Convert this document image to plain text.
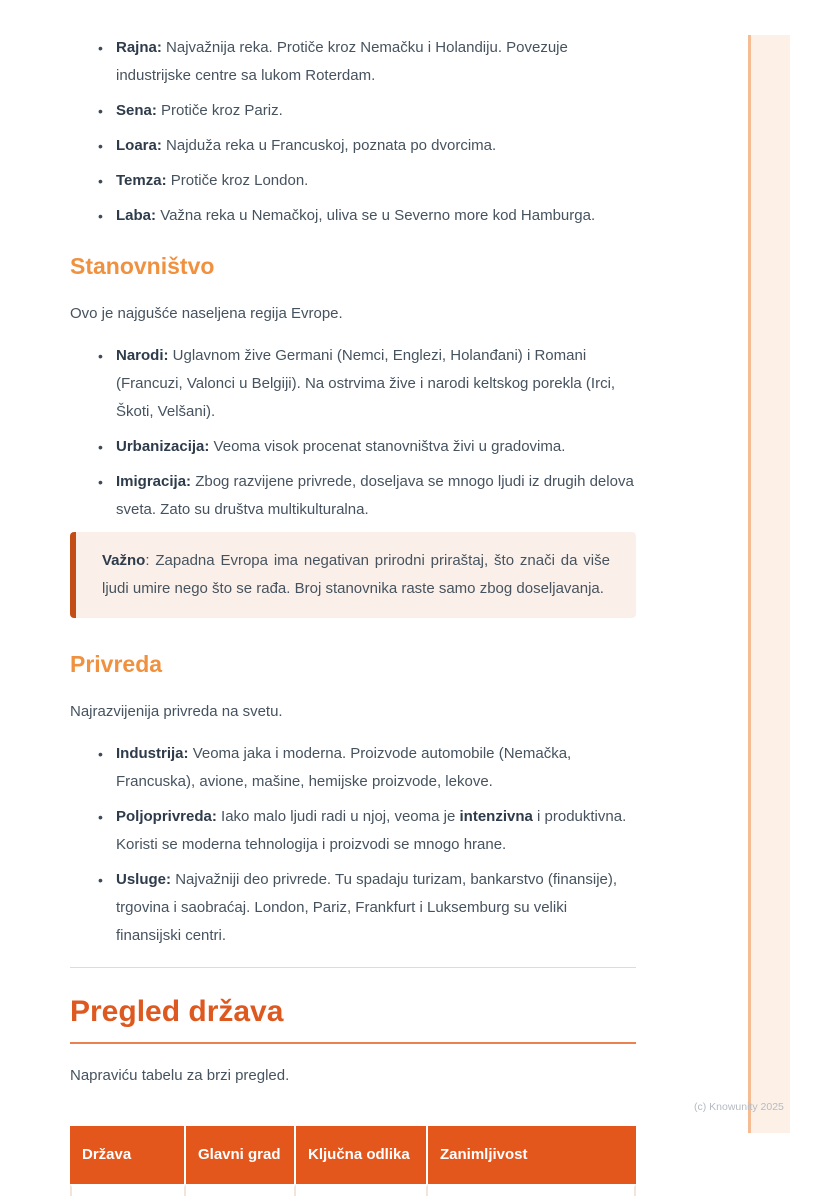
(c) Knowunity 2025
• Rajna: Najvažnija reka. Protiče kroz Nemačku i Holandiju. Povezuje industrijske centre sa lukom Roterdam.
• Sena: Protiče kroz Pariz.
• Loara: Najduža reka u Francuskoj, poznata po dvorcima.
• Temza: Protiče kroz London.
• Laba: Važna reka u Nemačkoj, uliva se u Severno more kod Hamburga.
Stanovništvo

Ovo je najgušće naseljena regija Evrope.

• Narodi: Uglavnom žive Germani (Nemci, Englezi, Holanđani) i Romani (Francuzi, Valonci u Belgiji). Na ostrvima žive i narodi keltskog porekla (Irci, Škoti, Velšani).
• Urbanizacija: Veoma visok procenat stanovništva živi u gradovima.
• Imigracija: Zbog razvijene privrede, doseljava se mnogo ljudi iz drugih delova sveta. Zato su društva multikulturalna.
Važno: Zapadna Evropa ima negativan prirodni priraštaj, što znači da više ljudi umire nego što se rađa. Broj stanovnika raste samo zbog doseljavanja.
Privreda

Najrazvijenija privreda na svetu.

• Industrija: Veoma jaka i moderna. Proizvode automobile (Nemačka, Francuska), avione, mašine, hemijske proizvode, lekove.
• Poljoprivreda: Iako malo ljudi radi u njoj, veoma je intenzivna i produktivna. Koristi se moderna tehnologija i proizvodi se mnogo hrane.
• Usluge: Najvažniji deo privrede. Tu spadaju turizam, bankarstvo (finansije), trgovina i saobraćaj. London, Pariz, Frankfurt i Luksemburg su veliki finansijski centri.
Pregled država

Napraviću tabelu za brzi pregled.

Država	Glavni grad	Ključna odlika	Zanimljivost
